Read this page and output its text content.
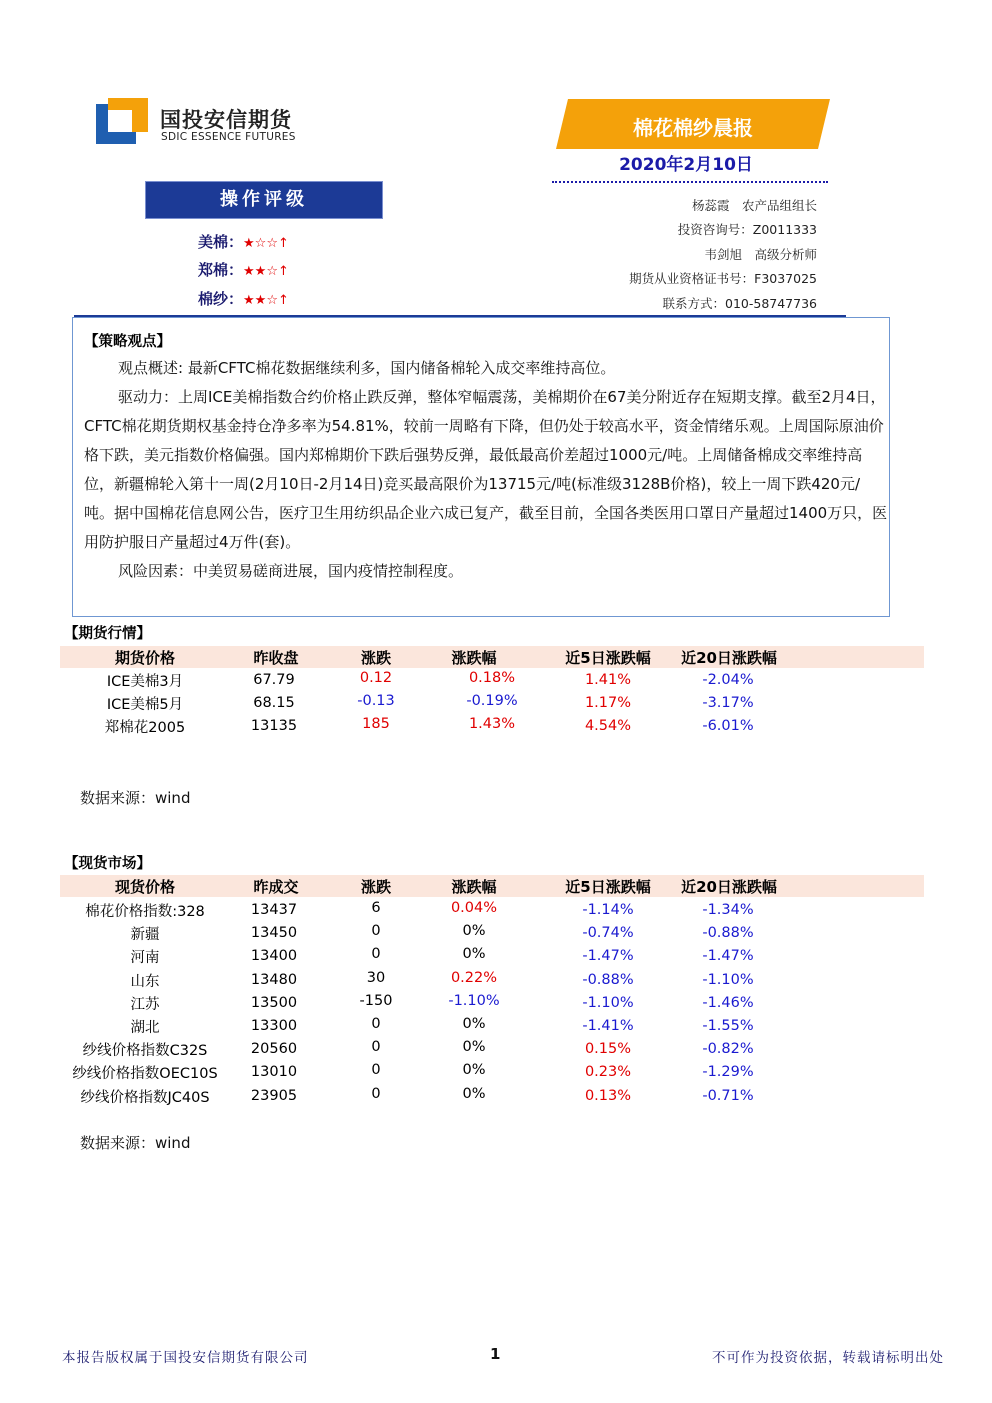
国投安信期货
SDIC ESSENCE FUTURES	棉花棉纱晨报
2020年2月10日
操作评级
美棉：★☆☆↑
郑棉：★★☆↑
棉纱：★★☆↑
杨蕊霞　农产品组组长
投资咨询号：Z0011333
韦剑旭　高级分析师
期货从业资格证书号：F3037025
联系方式：010-58747736
【策略观点】

观点概述: 最新CFTC棉花数据继续利多，国内储备棉轮入成交率维持高位。

驱动力：上周ICE美棉指数合约价格止跌反弹，整体窄幅震荡，美棉期价在67美分附近存在短期支撑。截至2月4日，CFTC棉花期货期权基金持仓净多率为54.81%，较前一周略有下降，但仍处于较高水平，资金情绪乐观。上周国际原油价格下跌，美元指数价格偏强。国内郑棉期价下跌后强势反弹，最低最高价差超过1000元/吨。上周储备棉成交率维持高位，新疆棉轮入第十一周(2月10日-2月14日)竞买最高限价为13715元/吨(标准级3128B价格)，较上一周下跌420元/吨。据中国棉花信息网公告，医疗卫生用纺织品企业六成已复产，截至目前，全国各类医用口罩日产量超过1400万只，医用防护服日产量超过4万件(套)。

风险因素：中美贸易磋商进展，国内疫情控制程度。

【期货行情】
期货价格	昨收盘	涨跌	涨跌幅	近5日涨跌幅	近20日涨跌幅
ICE美棉3月	67.79	0.12	0.18%	1.41%	-2.04%
ICE美棉5月	68.15	-0.13	-0.19%	1.17%	-3.17%
郑棉花2005	13135	185	1.43%	4.54%	-6.01%
数据来源：wind
【现货市场】
现货价格	昨成交	涨跌	涨跌幅	近5日涨跌幅	近20日涨跌幅
棉花价格指数:328	13437	6	0.04%	-1.14%	-1.34%
新疆	13450	0	0%	-0.74%	-0.88%
河南	13400	0	0%	-1.47%	-1.47%
山东	13480	30	0.22%	-0.88%	-1.10%
江苏	13500	-150	-1.10%	-1.10%	-1.46%
湖北	13300	0	0%	-1.41%	-1.55%
纱线价格指数C32S	20560	0	0%	0.15%	-0.82%
纱线价格指数OEC10S	13010	0	0%	0.23%	-1.29%
纱线价格指数JC40S	23905	0	0%	0.13%	-0.71%
数据来源：wind
本报告版权属于国投安信期货有限公司	1	不可作为投资依据，转载请标明出处
